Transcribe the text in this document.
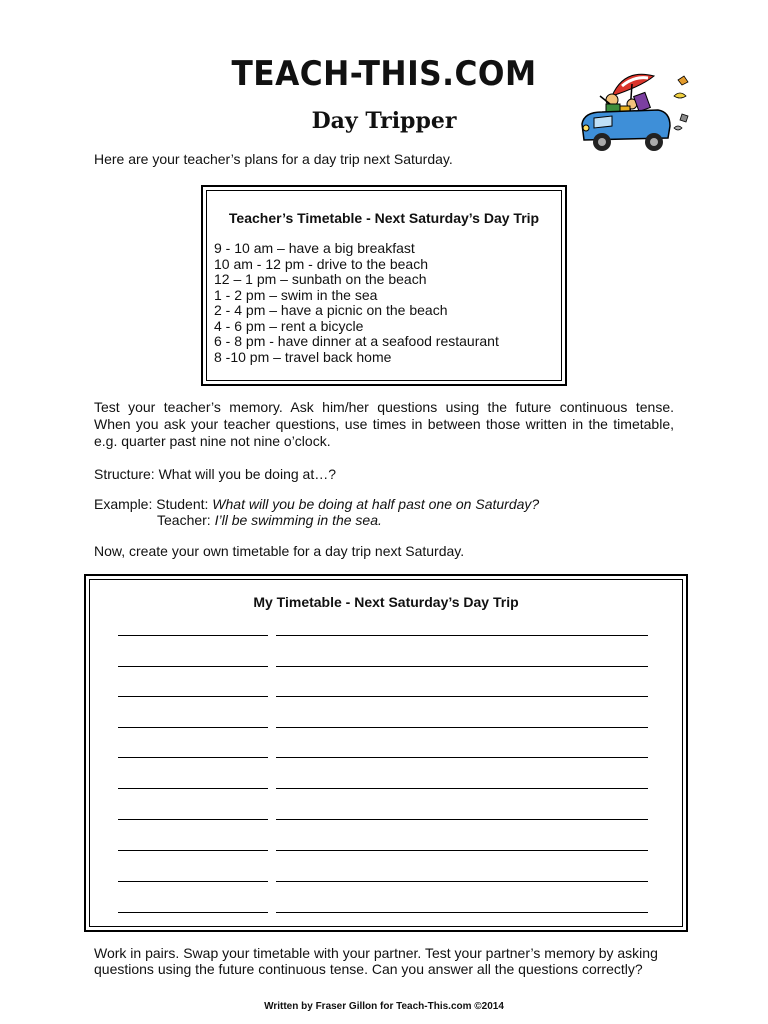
TEACH-THIS.COM
Day Tripper
Here are your teacher’s plans for a day trip next Saturday.
Teacher’s Timetable - Next Saturday’s Day Trip
9 - 10 am – have a big breakfast
10 am - 12 pm - drive to the beach
12 – 1 pm – sunbath on the beach
1 - 2 pm – swim in the sea
2 - 4 pm – have a picnic on the beach
4 - 6 pm – rent a bicycle
6 - 8 pm - have dinner at a seafood restaurant
8 -10 pm – travel back home
Test your teacher’s memory. Ask him/her questions using the future continuous tense.
When you ask your teacher questions, use times in between those written in the timetable,
e.g. quarter past nine not nine o’clock.
Structure: What will you be doing at…?
Example: Student: What will you be doing at half past one on Saturday?
Teacher: I’ll be swimming in the sea.
Now, create your own timetable for a day trip next Saturday.
My Timetable - Next Saturday’s Day Trip
Work in pairs. Swap your timetable with your partner. Test your partner’s memory by asking
questions using the future continuous tense. Can you answer all the questions correctly?
Written by Fraser Gillon for Teach-This.com ©2014
